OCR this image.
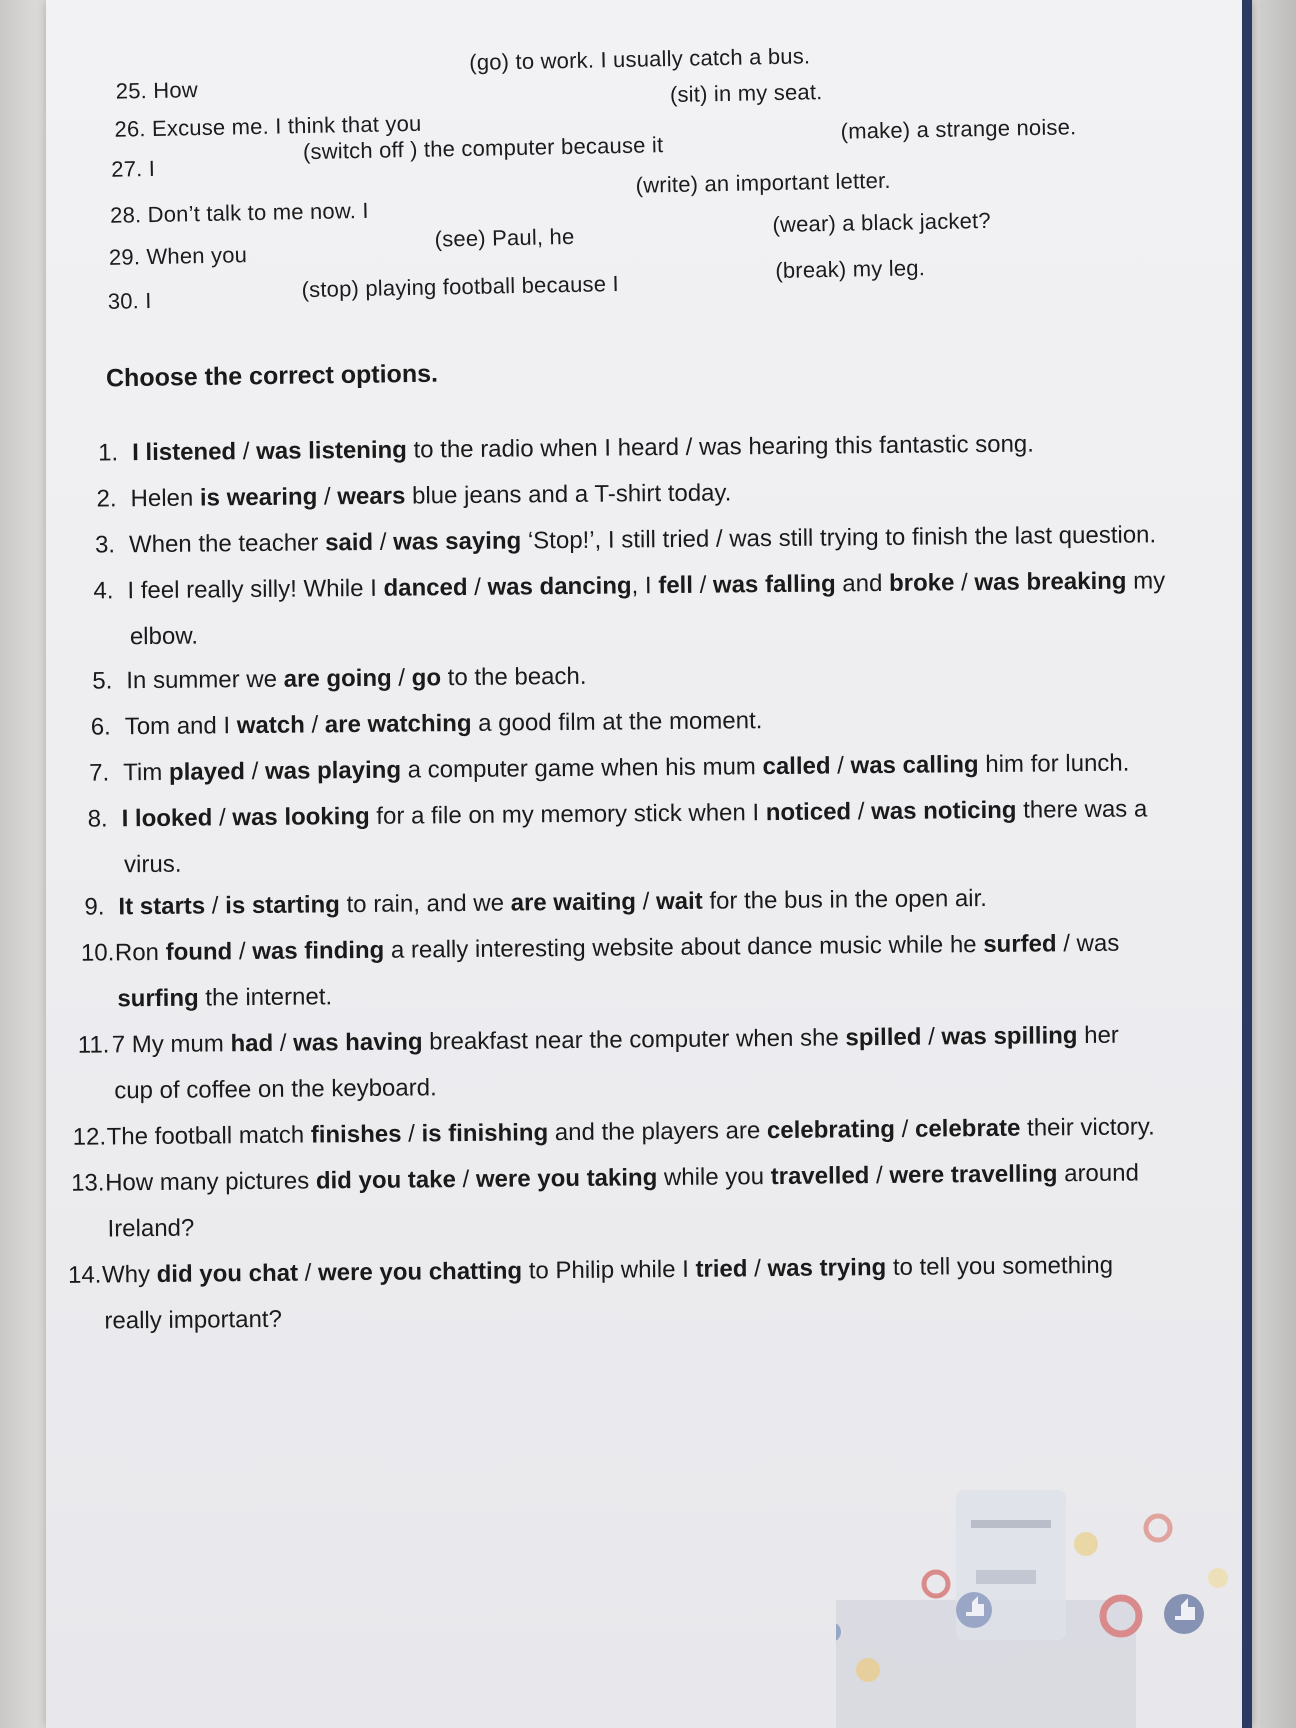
25. How
(go) to work. I usually catch a bus.
26. Excuse me. I think that you
(sit) in my seat.
27. I
(switch off ) the computer because it
(make) a strange noise.
28. Don’t talk to me now. I
(write) an important letter.
29. When you
(see) Paul, he
(wear) a black jacket?
30. I	(stop) playing football because I
(break) my leg.
Choose the correct options.
1. I listened / was listening to the radio when I heard / was hearing this fantastic song.
2. Helen is wearing / wears blue jeans and a T-shirt today.
3. When the teacher said / was saying ‘Stop!’, I still tried / was still trying to finish the last question.
4. I feel really silly! While I danced / was dancing, I fell / was falling and broke / was breaking my
elbow.
5. In summer we are going / go to the beach.
6. Tom and I watch / are watching a good film at the moment.
7. Tim played / was playing a computer game when his mum called / was calling him for lunch.
8. I looked / was looking for a file on my memory stick when I noticed / was noticing there was a
virus.
9. It starts / is starting to rain, and we are waiting / wait for the bus in the open air.
10.Ron found / was finding a really interesting website about dance music while he surfed / was
surfing the internet.
11.7 My mum had / was having breakfast near the computer when she spilled / was spilling her
cup of coffee on the keyboard.
12.The football match finishes / is finishing and the players are celebrating / celebrate their victory.
13.How many pictures did you take / were you taking while you travelled / were travelling around
Ireland?
14.Why did you chat / were you chatting to Philip while I tried / was trying to tell you something
really important?
